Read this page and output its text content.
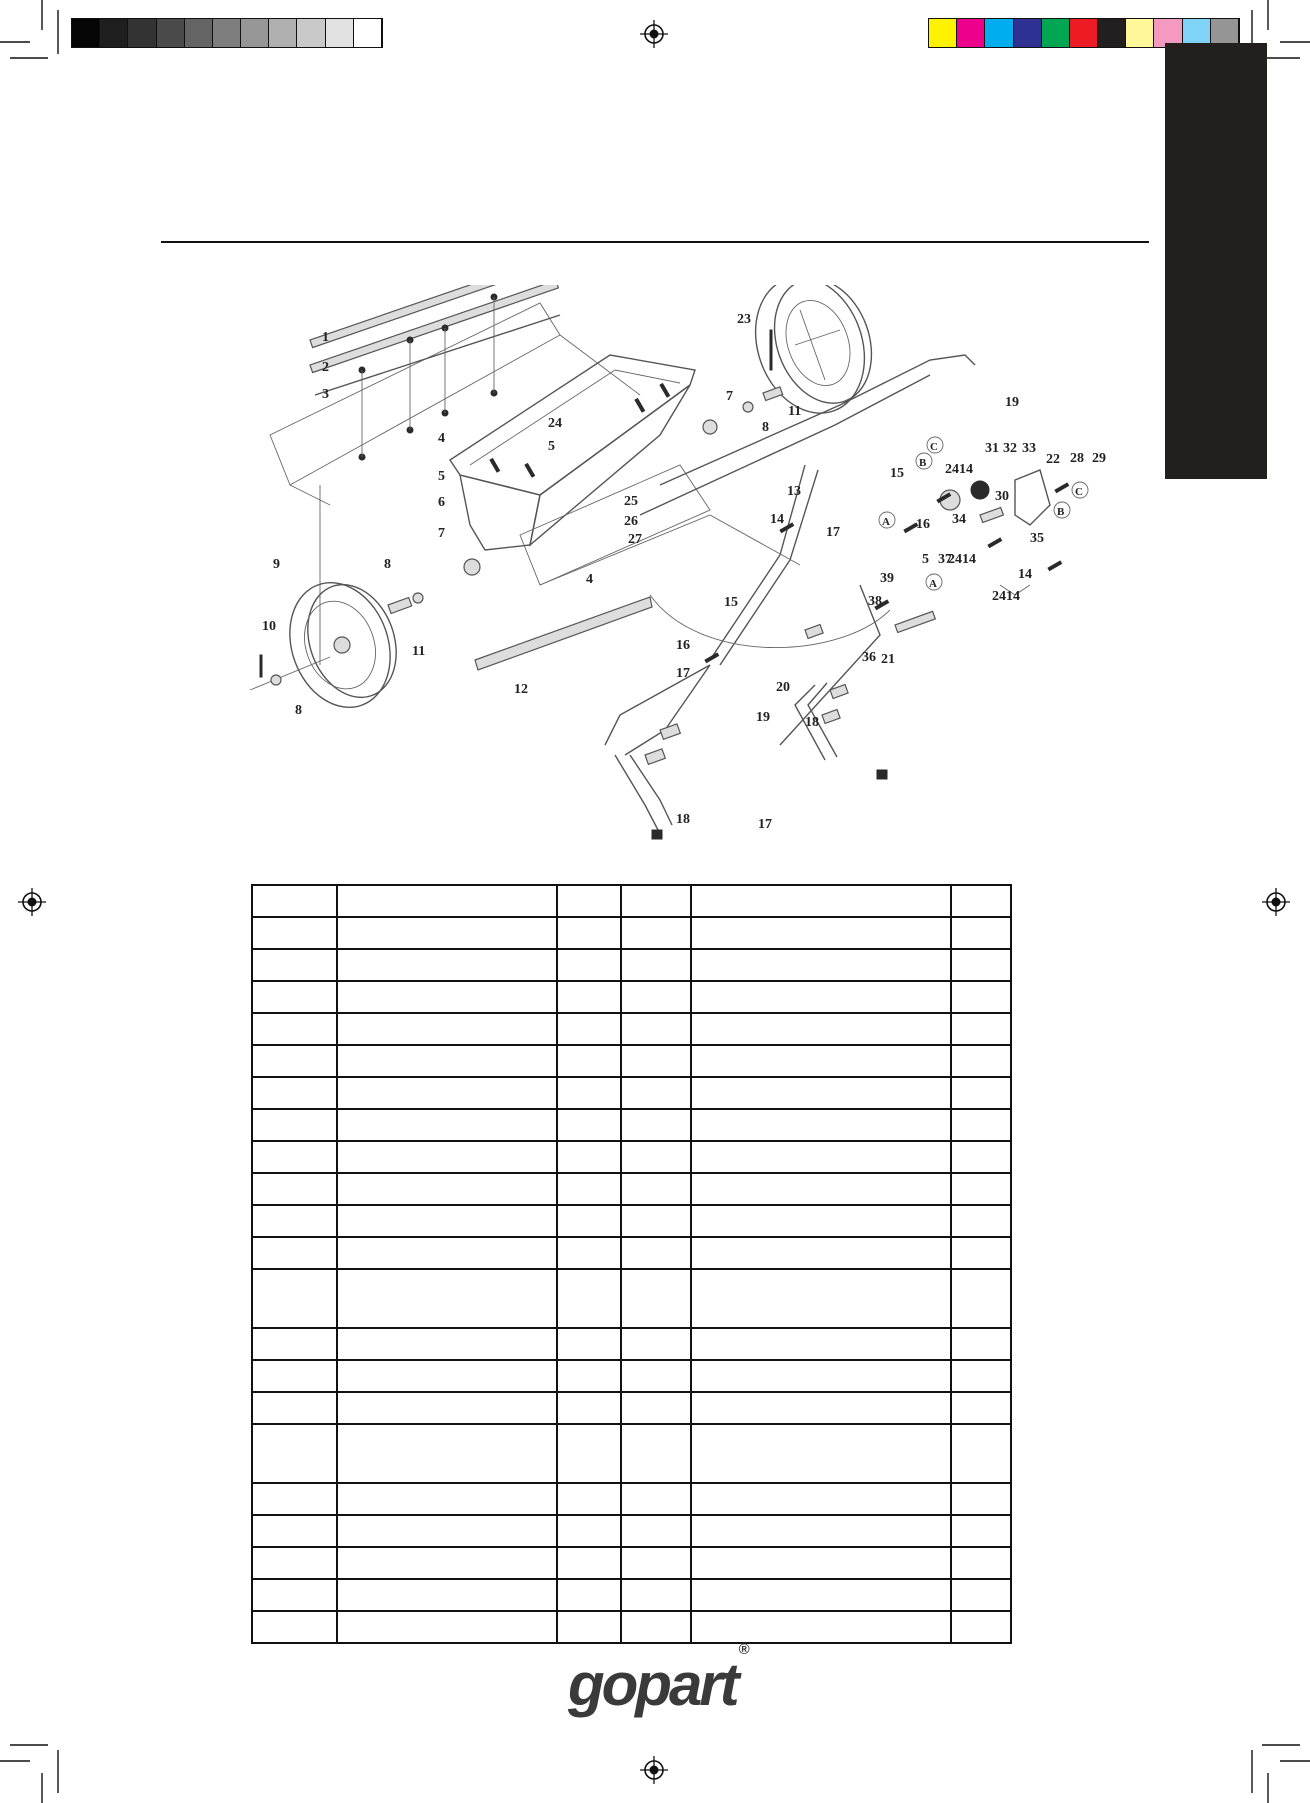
1
2
3
4
5
5
6
7
7
8
8
8
9
10
11
11
12
13
14
14
15
15
16
16
17
17
17
18
18
19
19
20
21
22
23
24
25
26
27
28 29
30
31 32 33
34
35
36
37
38
39
2414
2414
2414
4
5
A
A
B
B
C
C

gopart®
